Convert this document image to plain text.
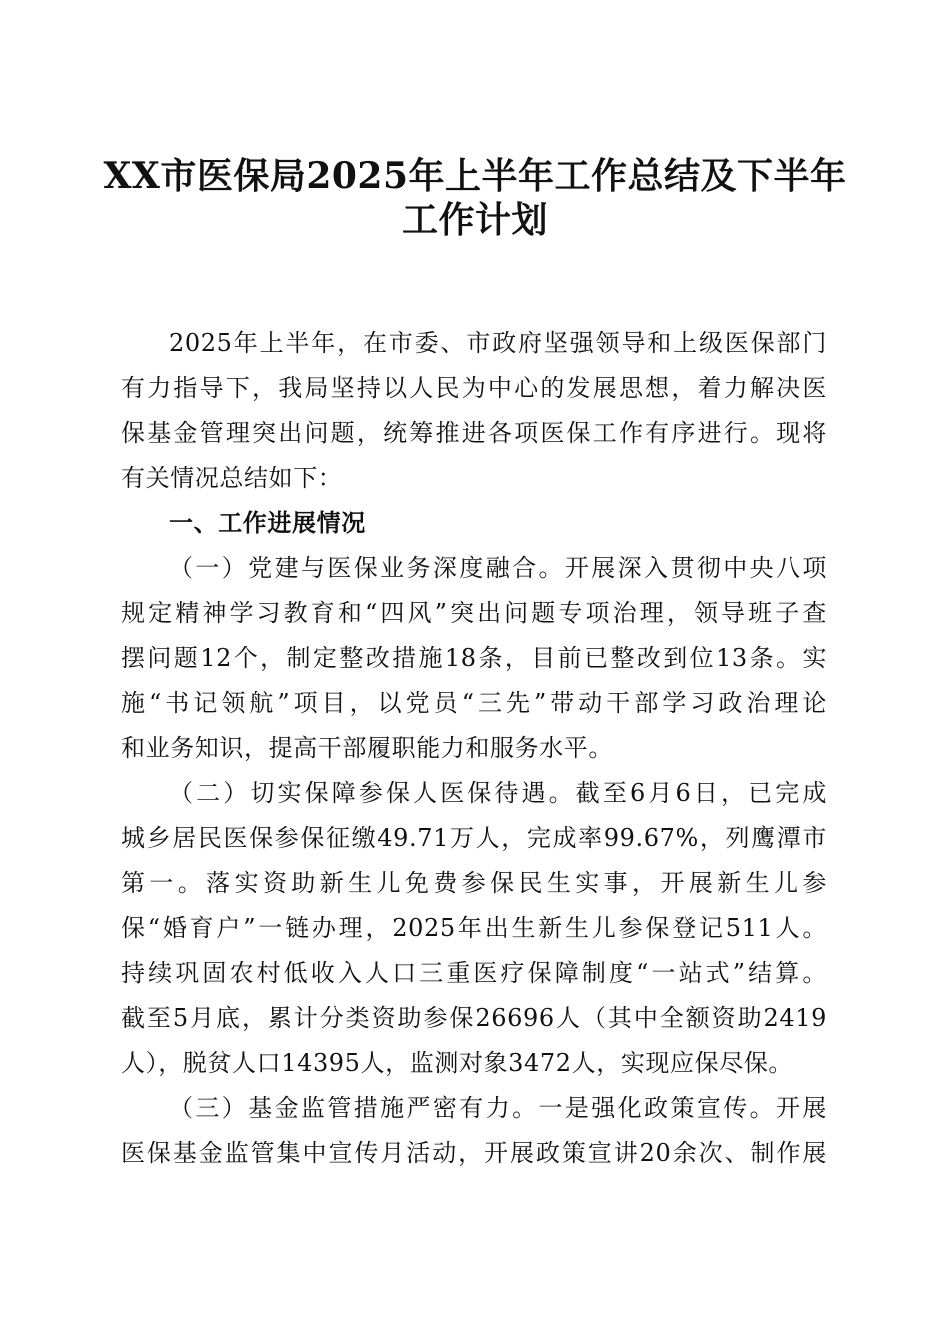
XX市医保局2025年上半年工作总结及下半年
工作计划
2025年上半年，在市委、市政府坚强领导和上级医保部门
有力指导下，我局坚持以人民为中心的发展思想，着力解决医
保基金管理突出问题，统筹推进各项医保工作有序进行。现将
有关情况总结如下：
一、工作进展情况
（一）党建与医保业务深度融合。开展深入贯彻中央八项
规定精神学习教育和“四风”突出问题专项治理，领导班子查
摆问题12个，制定整改措施18条，目前已整改到位13条。实
施“书记领航”项目，以党员“三先”带动干部学习政治理论
和业务知识，提高干部履职能力和服务水平。
（二）切实保障参保人医保待遇。截至6月6日，已完成
城乡居民医保参保征缴49.71万人，完成率99.67%，列鹰潭市
第一。落实资助新生儿免费参保民生实事，开展新生儿参
保“婚育户”一链办理，2025年出生新生儿参保登记511人。
持续巩固农村低收入人口三重医疗保障制度“一站式”结算。
截至5月底，累计分类资助参保26696人（其中全额资助2419
人），脱贫人口14395人，监测对象3472人，实现应保尽保。
（三）基金监管措施严密有力。一是强化政策宣传。开展
医保基金监管集中宣传月活动，开展政策宣讲20余次、制作展
